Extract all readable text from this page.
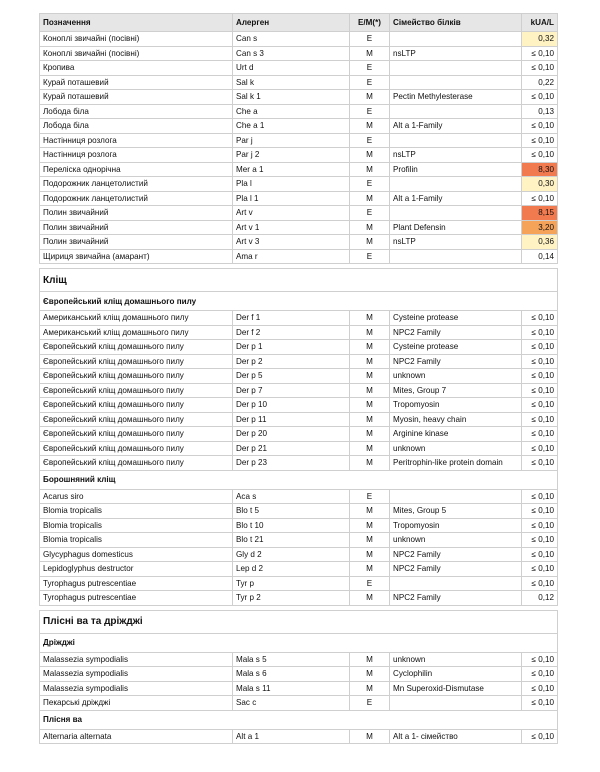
Позначення	Алерген	E/M(*)	Сімейство білків	kUA/L
Коноплі звичайні (посівні)	Can s	E		0,32
Коноплі звичайні (посівні)	Can s 3	M	nsLTP	≤ 0,10
Кропива	Urt d	E		≤ 0,10
Курай поташевий	Sal k	E		0,22
Курай поташевий	Sal k 1	M	Pectin Methylesterase	≤ 0,10
Лобода біла	Che a	E		0,13
Лобода біла	Che a 1	M	Alt a 1-Family	≤ 0,10
Настінниця розлога	Par j	E		≤ 0,10
Настінниця розлога	Par j 2	M	nsLTP	≤ 0,10
Переліска однорічна	Mer a 1	M	Profilin	8,30
Подорожник ланцетолистий	Pla l	E		0,30
Подорожник ланцетолистий	Pla l 1	M	Alt a 1-Family	≤ 0,10
Полин звичайний	Art v	E		8,15
Полин звичайний	Art v 1	M	Plant Defensin	3,20
Полин звичайний	Art v 3	M	nsLTP	0,36
Щириця звичайна (амарант)	Ama r	E		0,14

Кліщ				
Європейський кліщ домашнього пилу				
Американський кліщ домашнього пилу	Der f 1	M	Cysteine protease	≤ 0,10
Американський кліщ домашнього пилу	Der f 2	M	NPC2 Family	≤ 0,10
Європейський кліщ домашнього пилу	Der p 1	M	Cysteine protease	≤ 0,10
Європейський кліщ домашнього пилу	Der p 2	M	NPC2 Family	≤ 0,10
Європейський кліщ домашнього пилу	Der p 5	M	unknown	≤ 0,10
Європейський кліщ домашнього пилу	Der p 7	M	Mites, Group 7	≤ 0,10
Європейський кліщ домашнього пилу	Der p 10	M	Tropomyosin	≤ 0,10
Європейський кліщ домашнього пилу	Der p 11	M	Myosin, heavy chain	≤ 0,10
Європейський кліщ домашнього пилу	Der p 20	M	Arginine kinase	≤ 0,10
Європейський кліщ домашнього пилу	Der p 21	M	unknown	≤ 0,10
Європейський кліщ домашнього пилу	Der p 23	M	Peritrophin-like protein domain	≤ 0,10
Борошняний кліщ				
Acarus siro	Aca s	E		≤ 0,10
Blomia tropicalis	Blo t 5	M	Mites, Group 5	≤ 0,10
Blomia tropicalis	Blo t 10	M	Tropomyosin	≤ 0,10
Blomia tropicalis	Blo t 21	M	unknown	≤ 0,10
Glycyphagus domesticus	Gly d 2	M	NPC2 Family	≤ 0,10
Lepidoglyphus destructor	Lep d 2	M	NPC2 Family	≤ 0,10
Tyrophagus putrescentiae	Tyr p	E		≤ 0,10
Tyrophagus putrescentiae	Tyr p 2	M	NPC2 Family	0,12

Плісні ва та дріжджі				
Дріжджі				
Malassezia sympodialis	Mala s 5	M	unknown	≤ 0,10
Malassezia sympodialis	Mala s 6	M	Cyclophilin	≤ 0,10
Malassezia sympodialis	Mala s 11	M	Mn Superoxid-Dismutase	≤ 0,10
Пекарські дріжджі	Sac c	E		≤ 0,10
Плісня ва				
Alternaria alternata	Alt a 1	M	Alt a 1- сімейство	≤ 0,10
